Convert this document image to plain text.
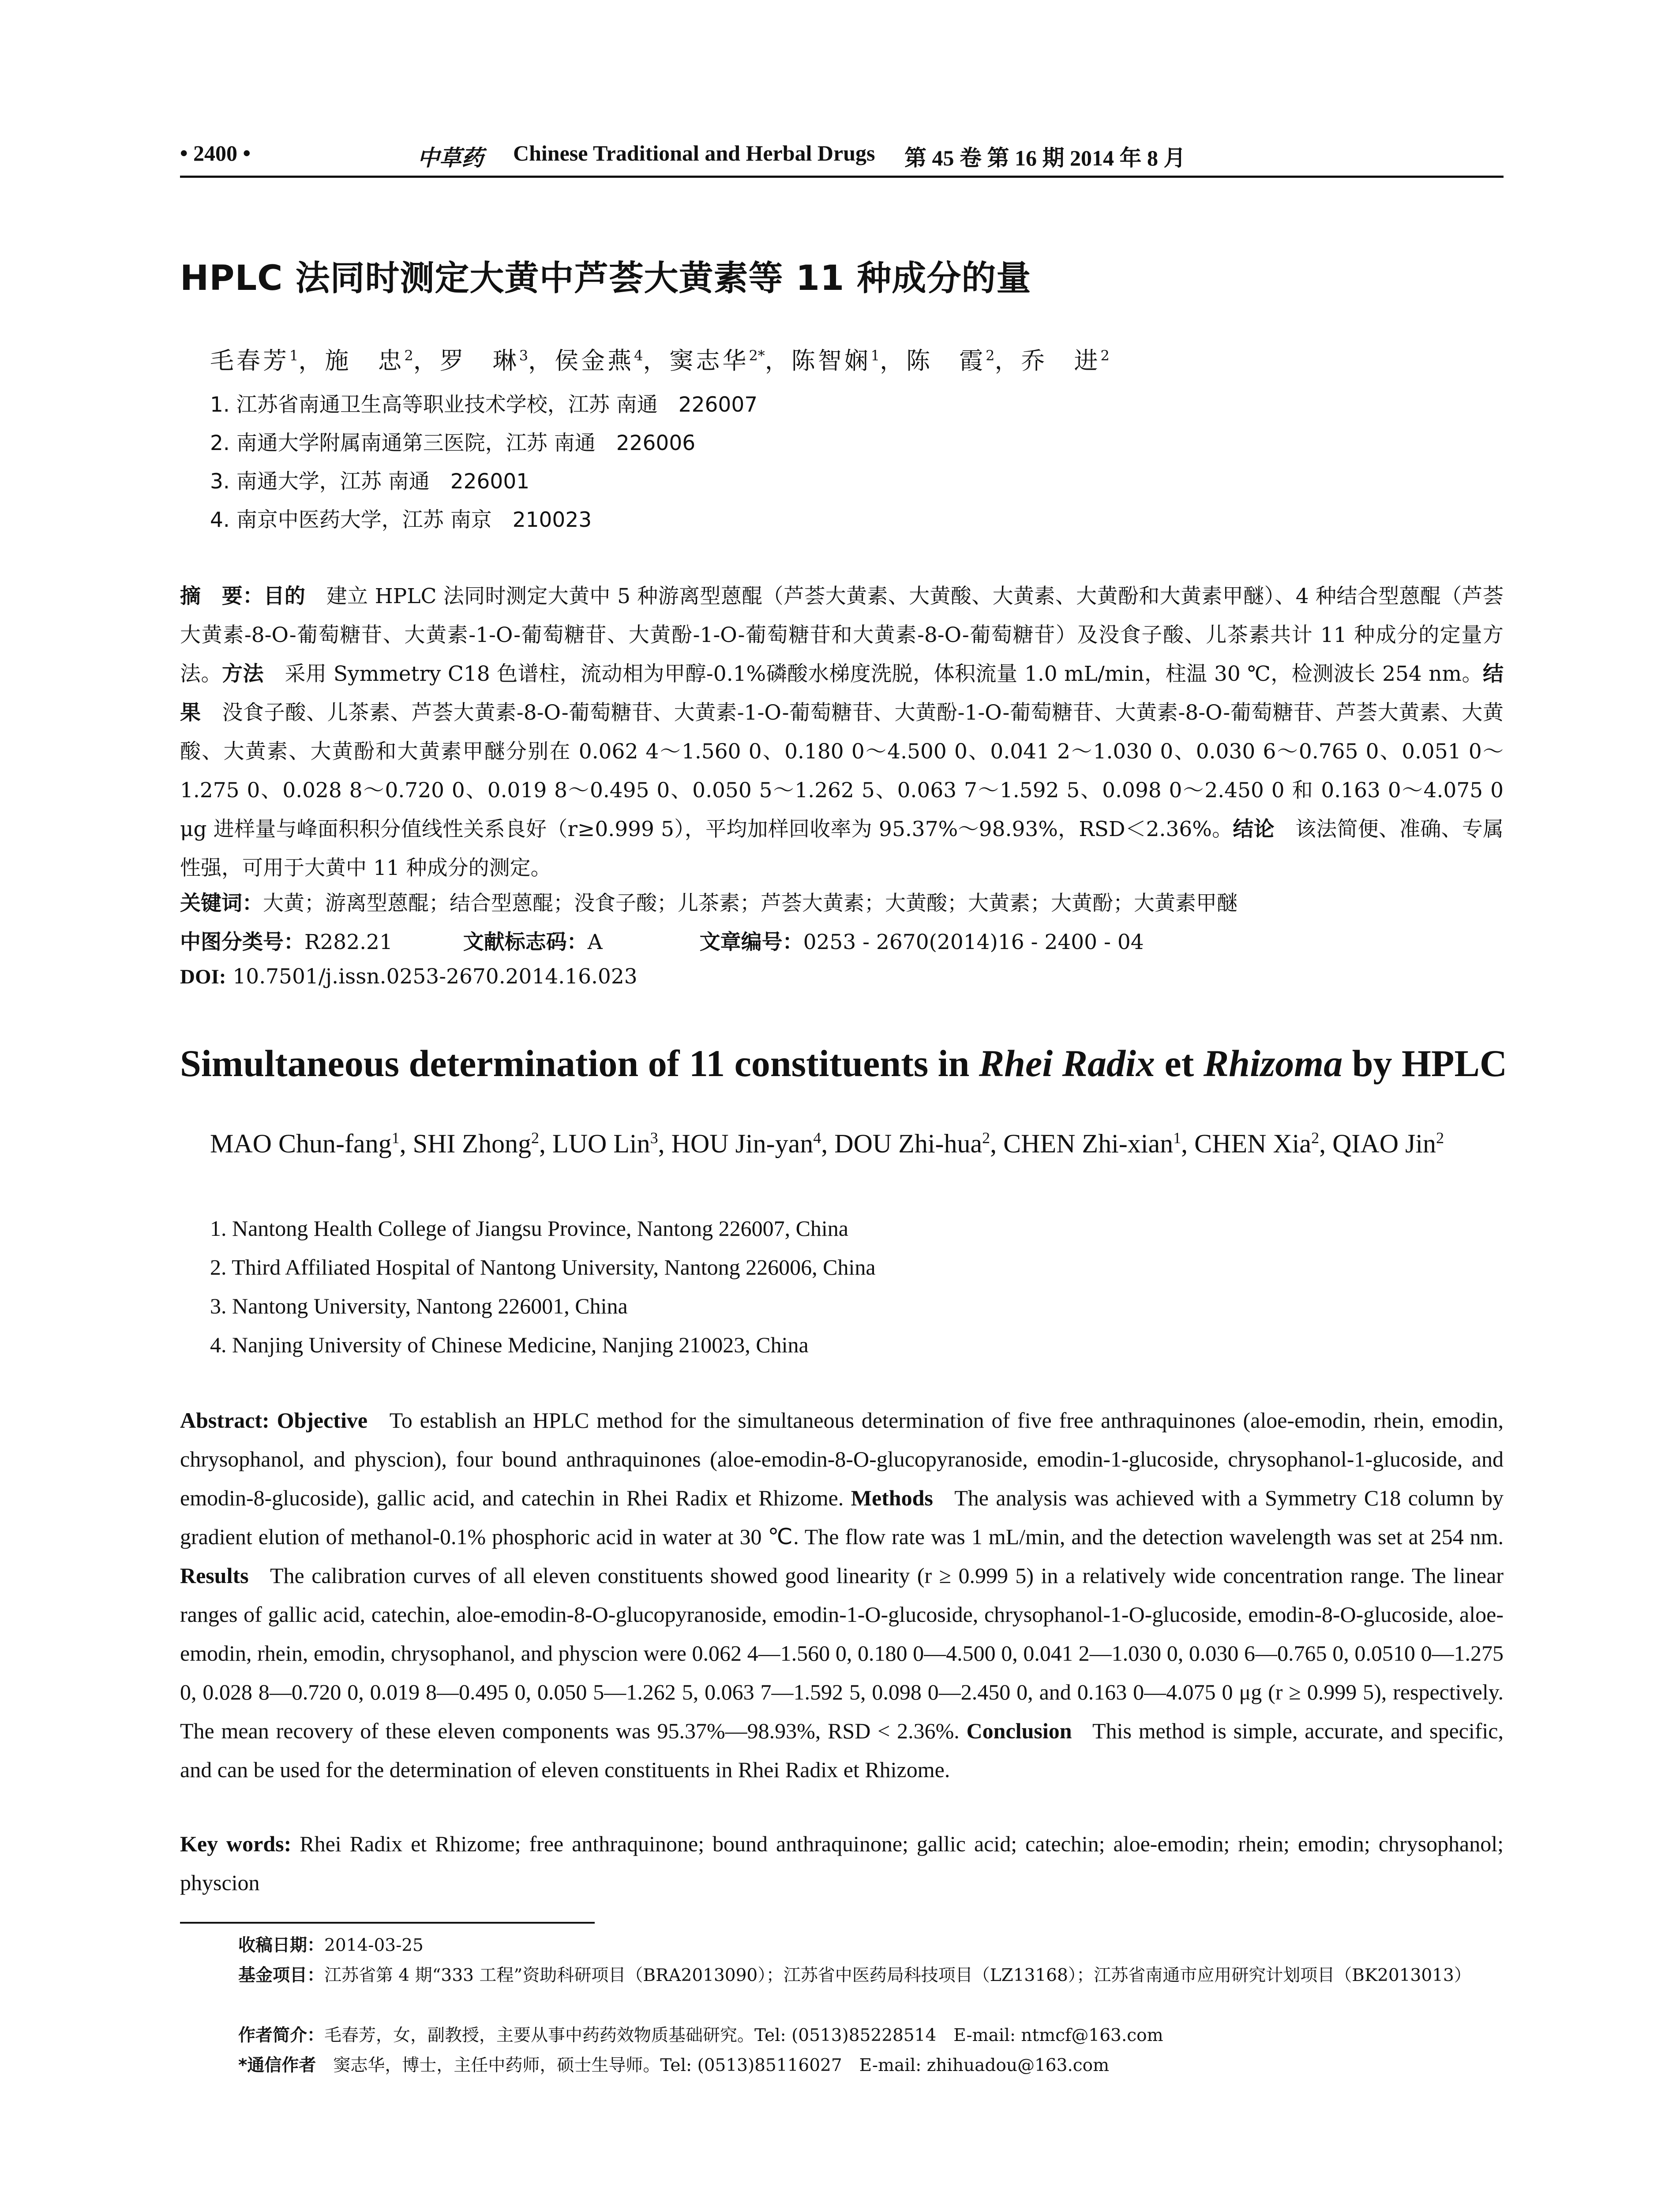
• 2400 •	中草药 Chinese Traditional and Herbal Drugs 第 45 卷 第 16 期 2014 年 8 月
HPLC 法同时测定大黄中芦荟大黄素等 11 种成分的量
毛春芳$^1$，施　忠$^2$，罗　琳$^3$，侯金燕$^4$，窦志华$^{2*}$，陈智娴$^1$，陈　霞$^2$，乔　进$^2$
1. 江苏省南通卫生高等职业技术学校，江苏 南通　226007
2. 南通大学附属南通第三医院，江苏 南通　226006
3. 南通大学，江苏 南通　226001
4. 南京中医药大学，江苏 南京　210023
摘　要：目的　 建立 HPLC 法同时测定大黄中 5 种游离型蒽醌（芦荟大黄素、大黄酸、大黄素、大黄酚和大黄素甲醚）、4 种结合型蒽醌（芦荟大黄素-8-O-葡萄糖苷、大黄素-1-O-葡萄糖苷、大黄酚-1-O-葡萄糖苷和大黄素-8-O-葡萄糖苷）及没食子酸、儿茶素共计 11 种成分的定量方法。方法　 采用 Symmetry C18 色谱柱，流动相为甲醇-0.1%磷酸水梯度洗脱，体积流量 1.0 mL/min，柱温 30 ℃，检测波长 254 nm。结果　 没食子酸、儿茶素、芦荟大黄素-8-O-葡萄糖苷、大黄素-1-O-葡萄糖苷、大黄酚-1-O-葡萄糖苷、大黄素-8-O-葡萄糖苷、芦荟大黄素、大黄酸、大黄素、大黄酚和大黄素甲醚分别在 0.062 4～1.560 0、0.180 0～4.500 0、0.041 2～1.030 0、0.030 6～0.765 0、0.051 0～1.275 0、0.028 8～0.720 0、0.019 8～0.495 0、0.050 5～1.262 5、0.063 7～1.592 5、0.098 0～2.450 0 和 0.163 0～4.075 0 μg 进样量与峰面积积分值线性关系良好（r≥0.999 5），平均加样回收率为 95.37%～98.93%，RSD＜2.36%。结论　 该法简便、准确、专属性强，可用于大黄中 11 种成分的测定。
关键词：大黄；游离型蒽醌；结合型蒽醌；没食子酸；儿茶素；芦荟大黄素；大黄酸；大黄素；大黄酚；大黄素甲醚
中图分类号：R282.21	文献标志码：A	文章编号：0253 - 2670(2014)16 - 2400 - 04
DOI: 10.7501/j.issn.0253-2670.2014.16.023
Simultaneous determination of 11 constituents in Rhei Radix et Rhizoma by HPLC
MAO Chun-fang$^1$, SHI Zhong$^2$, LUO Lin$^3$, HOU Jin-yan$^4$, DOU Zhi-hua$^2$, CHEN Zhi-xian$^1$, CHEN Xia$^2$, QIAO Jin$^2$
1. Nantong Health College of Jiangsu Province, Nantong 226007, China
2. Third Affiliated Hospital of Nantong University, Nantong 226006, China
3. Nantong University, Nantong 226001, China
4. Nanjing University of Chinese Medicine, Nanjing 210023, China
Abstract: Objective To establish an HPLC method for the simultaneous determination of five free anthraquinones (aloe-emodin, rhein, emodin, chrysophanol, and physcion), four bound anthraquinones (aloe-emodin-8-O-glucopyranoside, emodin-1-glucoside, chrysophanol-1-glucoside, and emodin-8-glucoside), gallic acid, and catechin in Rhei Radix et Rhizome. Methods The analysis was achieved with a Symmetry C18 column by gradient elution of methanol-0.1% phosphoric acid in water at 30 ℃. The flow rate was 1 mL/min, and the detection wavelength was set at 254 nm. Results The calibration curves of all eleven constituents showed good linearity (r ≥ 0.999 5) in a relatively wide concentration range. The linear ranges of gallic acid, catechin, aloe-emodin-8-O-glucopyranoside, emodin-1-O-glucoside, chrysophanol-1-O-glucoside, emodin-8-O-glucoside, aloe-emodin, rhein, emodin, chrysophanol, and physcion were 0.062 4—1.560 0, 0.180 0—4.500 0, 0.041 2—1.030 0, 0.030 6—0.765 0, 0.0510 0—1.275 0, 0.028 8—0.720 0, 0.019 8—0.495 0, 0.050 5—1.262 5, 0.063 7—1.592 5, 0.098 0—2.450 0, and 0.163 0—4.075 0 μg (r ≥ 0.999 5), respectively. The mean recovery of these eleven components was 95.37%—98.93%, RSD < 2.36%. Conclusion This method is simple, accurate, and specific, and can be used for the determination of eleven constituents in Rhei Radix et Rhizome.
Key words: Rhei Radix et Rhizome; free anthraquinone; bound anthraquinone; gallic acid; catechin; aloe-emodin; rhein; emodin; chrysophanol; physcion
收稿日期：2014-03-25
基金项目：江苏省第 4 期“333 工程”资助科研项目（BRA2013090）；江苏省中医药局科技项目（LZ13168）；江苏省南通市应用研究计划项目（BK2013013）
作者简介：毛春芳，女，副教授，主要从事中药药效物质基础研究。Tel: (0513)85228514　E-mail: ntmcf@163.com
*通信作者　 窦志华，博士，主任中药师，硕士生导师。Tel: (0513)85116027　E-mail: zhihuadou@163.com
